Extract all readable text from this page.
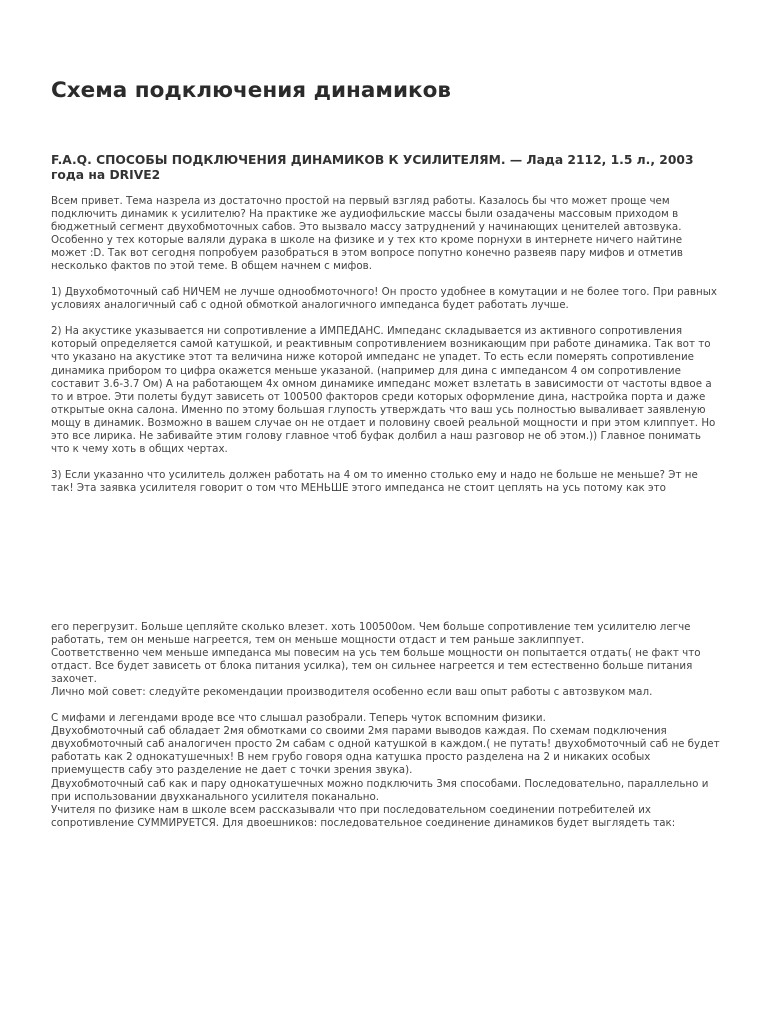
Схема подключения динамиков
F.A.Q. СПОСОБЫ ПОДКЛЮЧЕНИЯ ДИНАМИКОВ К УСИЛИТЕЛЯМ. — Лада 2112, 1.5 л., 2003 года на DRIVE2

Всем привет. Тема назрела из достаточно простой на первый взгляд работы. Казалось бы что может проще чем подключить динамик к усилителю? На практике же аудиофильские массы были озадачены массовым приходом в бюджетный сегмент двухобмоточных сабов. Это вызвало массу затруднений у начинающих ценителей автозвука. Особенно у тех которые валяли дурака в школе на физике и у тех кто кроме порнухи в интернете ничего найтине может :D. Так вот сегодня попробуем разобраться в этом вопросе попутно конечно развеяв пару мифов и отметив несколько фактов по этой теме. В общем начнем с мифов.

1) Двухобмоточный саб НИЧЕМ не лучше однообмоточного! Он просто удобнее в комутации и не более того. При равных условиях аналогичный саб с одной обмоткой аналогичного импеданса будет работать лучше.

2) На акустике указывается ни сопротивление а ИМПЕДАНС. Импеданс складывается из активного сопротивления который определяется самой катушкой, и реактивным сопротивлением возникающим при работе динамика. Так вот то что указано на акустике этот та величина ниже которой импеданс не упадет. То есть если померять сопротивление динамика прибором то цифра окажется меньше указаной. (например для дина с импедансом 4 ом сопротивление составит 3.6-3.7 Ом) А на работающем 4х омном динамике импеданс может взлетать в зависимости от частоты вдвое а то и втрое. Эти полеты будут зависеть от 100500 факторов среди которых оформление дина, настройка порта и даже открытые окна салона. Именно по этому большая глупость утверждать что ваш усь полностью вываливает заявленую мощу в динамик. Возможно в вашем случае он не отдает и половину своей реальной мощности и при этом клиппует. Но это все лирика. Не забивайте этим голову главное чтоб буфак долбил а наш разговор не об этом.)) Главное понимать что к чему хоть в общих чертах.

3) Если указанно что усилитель должен работать на 4 ом то именно столько ему и надо не больше не меньше? Эт не так! Эта заявка усилителя говорит о том что МЕНЬШЕ этого импеданса не стоит цеплять на усь потому как это

его перегрузит. Больше цепляйте сколько влезет. хоть 100500ом. Чем больше сопротивление тем усилителю легче работать, тем он меньше нагреется, тем он меньше мощности отдаст и тем раньше заклиппует.

Соответственно чем меньше импеданса мы повесим на усь тем больше мощности он попытается отдать( не факт что отдаст. Все будет зависеть от блока питания усилка), тем он сильнее нагреется и тем естественно больше питания захочет.

Лично мой совет: следуйте рекомендации производителя особенно если ваш опыт работы с автозвуком мал.

С мифами и легендами вроде все что слышал разобрали. Теперь чуток вспомним физики.

Двухобмоточный саб обладает 2мя обмотками со своими 2мя парами выводов каждая. По схемам подключения двухобмоточный саб аналогичен просто 2м сабам с одной катушкой в каждом.( не путать! двухобмоточный саб не будет работать как 2 однокатушечных! В нем грубо говоря одна катушка просто разделена на 2 и никаких особых приемуществ сабу это разделение не дает с точки зрения звука).

Двухобмоточный саб как и пару однокатушечных можно подключить 3мя способами. Последовательно, параллельно и при использовании двухканального усилителя поканально.

Учителя по физике нам в школе всем рассказывали что при последовательном соединении потребителей их сопротивление СУММИРУЕТСЯ. Для двоешников: последовательное соединение динамиков будет выглядеть так:
